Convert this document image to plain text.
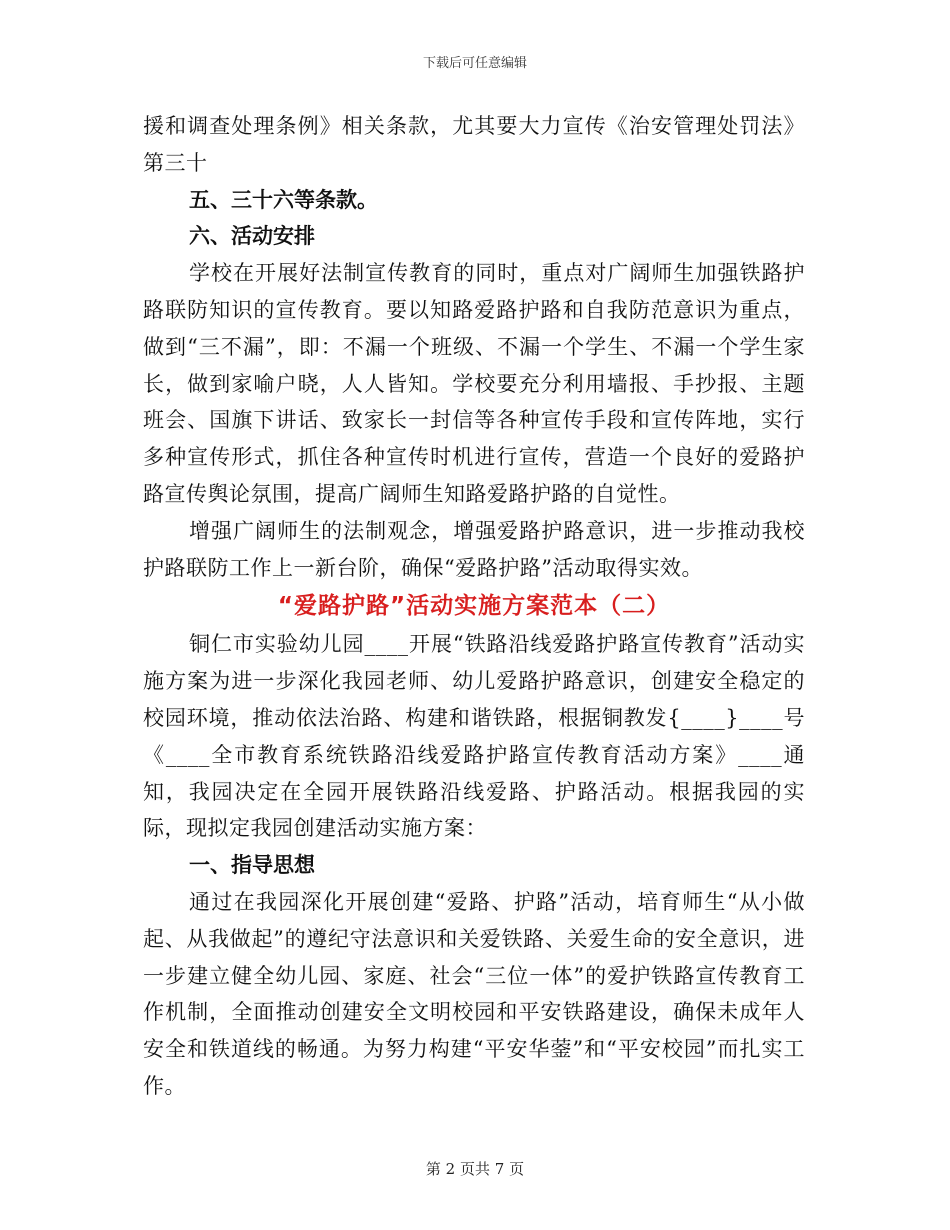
下载后可任意编辑

援和调查处理条例》相关条款，尤其要大力宣传《治安管理处罚法》第三十

五、三十六等条款。

六、活动安排

学校在开展好法制宣传教育的同时，重点对广阔师生加强铁路护路联防知识的宣传教育。要以知路爱路护路和自我防范意识为重点，做到“三不漏”，即：不漏一个班级、不漏一个学生、不漏一个学生家长，做到家喻户晓，人人皆知。学校要充分利用墙报、手抄报、主题班会、国旗下讲话、致家长一封信等各种宣传手段和宣传阵地，实行多种宣传形式，抓住各种宣传时机进行宣传，营造一个良好的爱路护路宣传舆论氛围，提高广阔师生知路爱路护路的自觉性。

增强广阔师生的法制观念，增强爱路护路意识，进一步推动我校护路联防工作上一新台阶，确保“爱路护路”活动取得实效。

“爱路护路”活动实施方案范本（二）

铜仁市实验幼儿园____开展“铁路沿线爱路护路宣传教育”活动实施方案为进一步深化我园老师、幼儿爱路护路意识，创建安全稳定的校园环境，推动依法治路、构建和谐铁路，根据铜教发{____}____号《____全市教育系统铁路沿线爱路护路宣传教育活动方案》____通知，我园决定在全园开展铁路沿线爱路、护路活动。根据我园的实际，现拟定我园创建活动实施方案：

一、指导思想

通过在我园深化开展创建“爱路、护路”活动，培育师生“从小做起、从我做起”的遵纪守法意识和关爱铁路、关爱生命的安全意识，进一步建立健全幼儿园、家庭、社会“三位一体”的爱护铁路宣传教育工作机制，全面推动创建安全文明校园和平安铁路建设，确保未成年人安全和铁道线的畅通。为努力构建“平安华蓥”和“平安校园”而扎实工作。

第 2 页共 7 页
